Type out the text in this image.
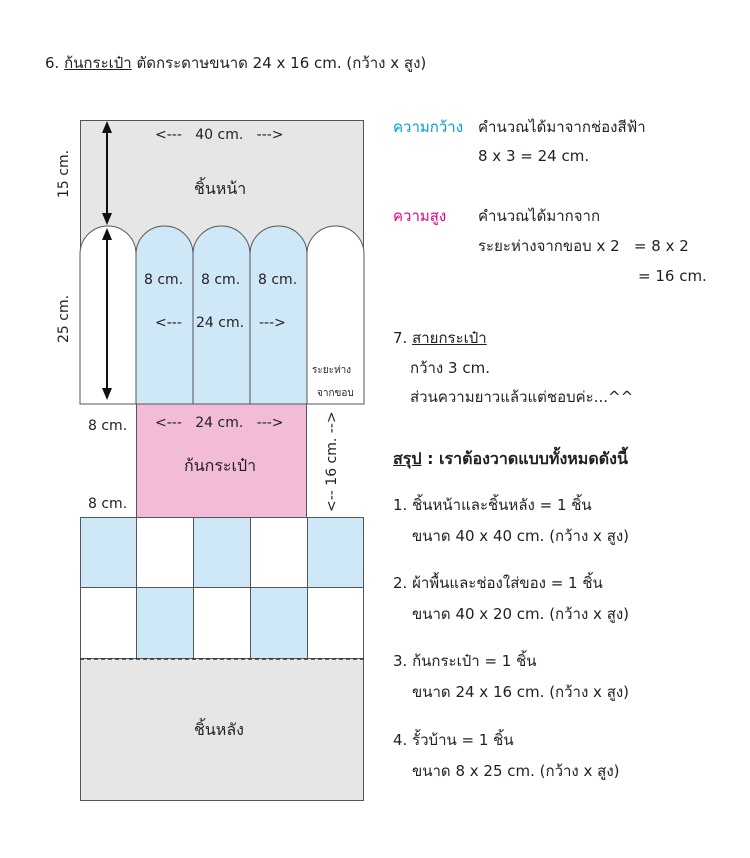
6. ก้นกระเป๋า ตัดกระดาษขนาด 24 x 16 cm. (กว้าง x สูง)
<---   40 cm.   --->
ชิ้นหน้า
15 cm.
25 cm.
8 cm. 8 cm. 8 cm.
<--- 24 cm. --->
ระยะห่าง
จากขอบ
8 cm.
8 cm.
<---   24 cm.   --->
ก้นกระเป๋า	<-- 16 cm. -->
ชิ้นหลัง
ความกว้าง คำนวณได้มาจากช่องสีฟ้า
8 x 3 = 24 cm.
ความสูง คำนวณได้มากจาก
ระยะห่างจากขอบ x 2   = 8 x 2
= 16 cm.
7. สายกระเป๋า
กว้าง 3 cm.
ส่วนความยาวแล้วแต่ชอบค่ะ...^^
สรุป : เราต้องวาดแบบทั้งหมดดังนี้
1. ชิ้นหน้าและชิ้นหลัง = 1 ชิ้น
ขนาด 40 x 40 cm. (กว้าง x สูง)
2. ผ้าพื้นและช่องใส่ของ = 1 ชิ้น
ขนาด 40 x 20 cm. (กว้าง x สูง)
3. ก้นกระเป๋า = 1 ชิ้น
ขนาด 24 x 16 cm. (กว้าง x สูง)
4. รั้วบ้าน = 1 ชิ้น
ขนาด 8 x 25 cm. (กว้าง x สูง)
